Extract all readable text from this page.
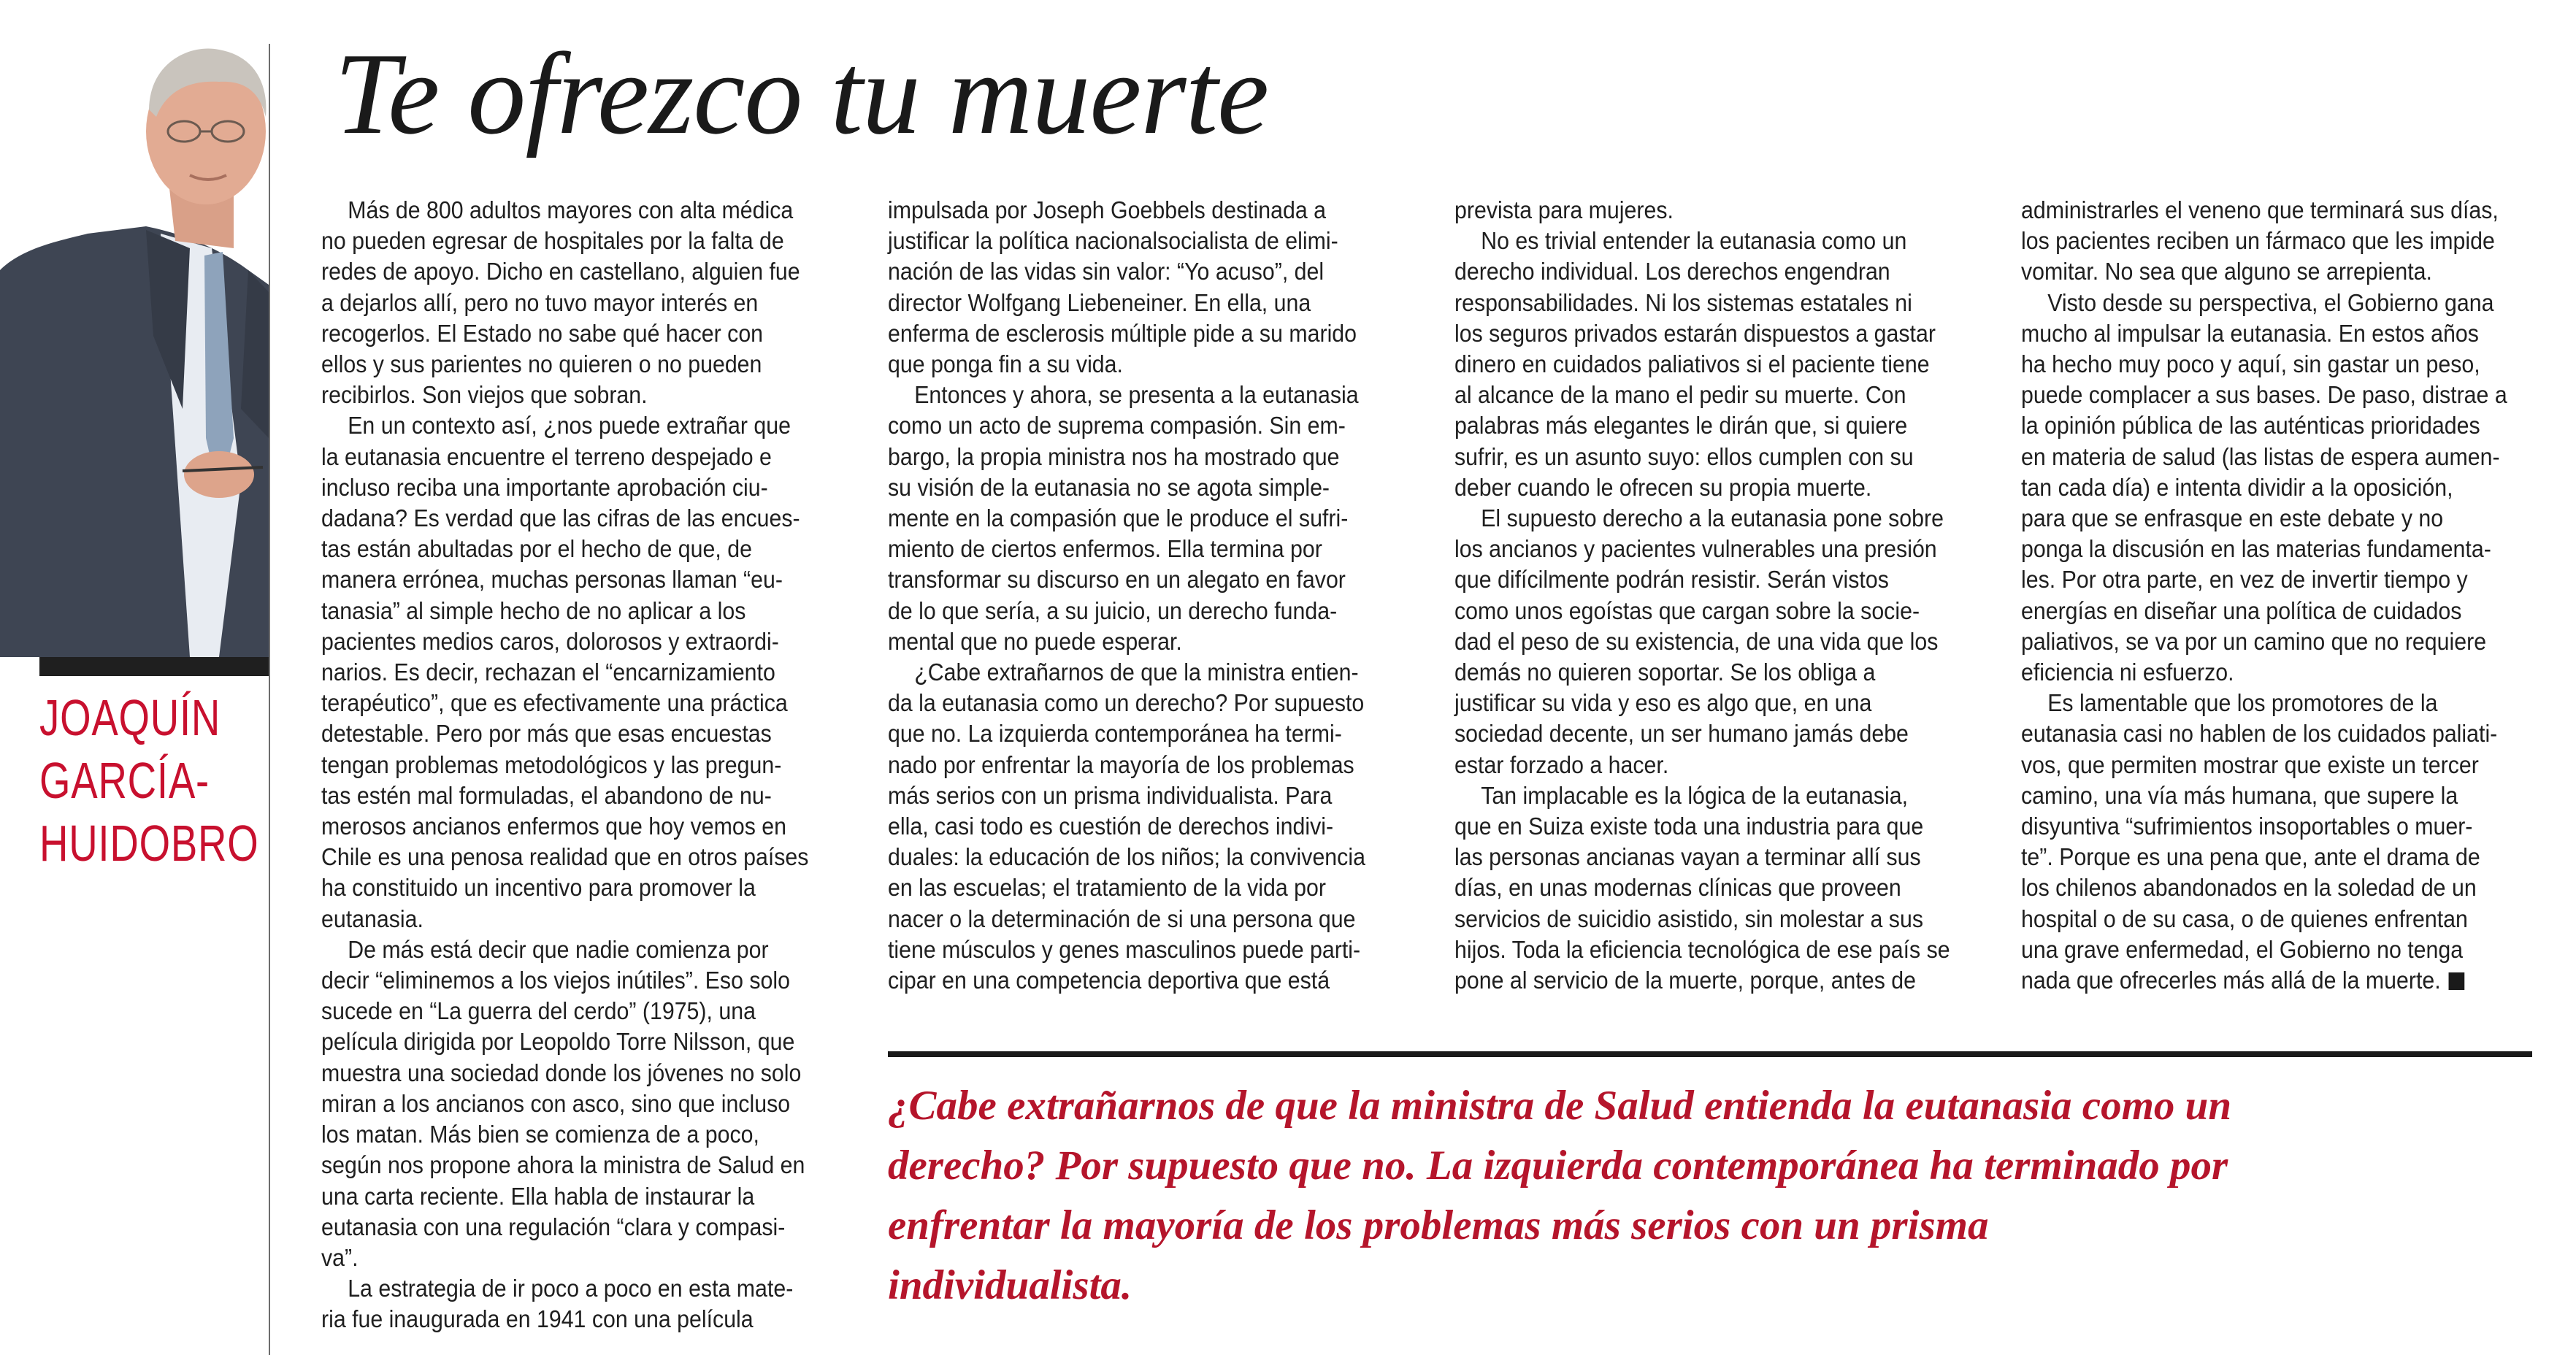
JOAQUÍN
GARCÍA-
HUIDOBRO
Te ofrezco tu muerte
Más de 800 adultos mayores con alta médica
no pueden egresar de hospitales por la falta de
redes de apoyo. Dicho en castellano, alguien fue
a dejarlos allí, pero no tuvo mayor interés en
recogerlos. El Estado no sabe qué hacer con
ellos y sus parientes no quieren o no pueden
recibirlos. Son viejos que sobran.
En un contexto así, ¿nos puede extrañar que
la eutanasia encuentre el terreno despejado e
incluso reciba una importante aprobación ciu-
dadana? Es verdad que las cifras de las encues-
tas están abultadas por el hecho de que, de
manera errónea, muchas personas llaman “eu-
tanasia” al simple hecho de no aplicar a los
pacientes medios caros, dolorosos y extraordi-
narios. Es decir, rechazan el “encarnizamiento
terapéutico”, que es efectivamente una práctica
detestable. Pero por más que esas encuestas
tengan problemas metodológicos y las pregun-
tas estén mal formuladas, el abandono de nu-
merosos ancianos enfermos que hoy vemos en
Chile es una penosa realidad que en otros países
ha constituido un incentivo para promover la
eutanasia.
De más está decir que nadie comienza por
decir “eliminemos a los viejos inútiles”. Eso solo
sucede en “La guerra del cerdo” (1975), una
película dirigida por Leopoldo Torre Nilsson, que
muestra una sociedad donde los jóvenes no solo
miran a los ancianos con asco, sino que incluso
los matan. Más bien se comienza de a poco,
según nos propone ahora la ministra de Salud en
una carta reciente. Ella habla de instaurar la
eutanasia con una regulación “clara y compasi-
va”.
La estrategia de ir poco a poco en esta mate-
ria fue inaugurada en 1941 con una película
impulsada por Joseph Goebbels destinada a
justificar la política nacionalsocialista de elimi-
nación de las vidas sin valor: “Yo acuso”, del
director Wolfgang Liebeneiner. En ella, una
enferma de esclerosis múltiple pide a su marido
que ponga fin a su vida.
Entonces y ahora, se presenta a la eutanasia
como un acto de suprema compasión. Sin em-
bargo, la propia ministra nos ha mostrado que
su visión de la eutanasia no se agota simple-
mente en la compasión que le produce el sufri-
miento de ciertos enfermos. Ella termina por
transformar su discurso en un alegato en favor
de lo que sería, a su juicio, un derecho funda-
mental que no puede esperar.
¿Cabe extrañarnos de que la ministra entien-
da la eutanasia como un derecho? Por supuesto
que no. La izquierda contemporánea ha termi-
nado por enfrentar la mayoría de los problemas
más serios con un prisma individualista. Para
ella, casi todo es cuestión de derechos indivi-
duales: la educación de los niños; la convivencia
en las escuelas; el tratamiento de la vida por
nacer o la determinación de si una persona que
tiene músculos y genes masculinos puede parti-
cipar en una competencia deportiva que está
prevista para mujeres.
No es trivial entender la eutanasia como un
derecho individual. Los derechos engendran
responsabilidades. Ni los sistemas estatales ni
los seguros privados estarán dispuestos a gastar
dinero en cuidados paliativos si el paciente tiene
al alcance de la mano el pedir su muerte. Con
palabras más elegantes le dirán que, si quiere
sufrir, es un asunto suyo: ellos cumplen con su
deber cuando le ofrecen su propia muerte.
El supuesto derecho a la eutanasia pone sobre
los ancianos y pacientes vulnerables una presión
que difícilmente podrán resistir. Serán vistos
como unos egoístas que cargan sobre la socie-
dad el peso de su existencia, de una vida que los
demás no quieren soportar. Se los obliga a
justificar su vida y eso es algo que, en una
sociedad decente, un ser humano jamás debe
estar forzado a hacer.
Tan implacable es la lógica de la eutanasia,
que en Suiza existe toda una industria para que
las personas ancianas vayan a terminar allí sus
días, en unas modernas clínicas que proveen
servicios de suicidio asistido, sin molestar a sus
hijos. Toda la eficiencia tecnológica de ese país se
pone al servicio de la muerte, porque, antes de
administrarles el veneno que terminará sus días,
los pacientes reciben un fármaco que les impide
vomitar. No sea que alguno se arrepienta.
Visto desde su perspectiva, el Gobierno gana
mucho al impulsar la eutanasia. En estos años
ha hecho muy poco y aquí, sin gastar un peso,
puede complacer a sus bases. De paso, distrae a
la opinión pública de las auténticas prioridades
en materia de salud (las listas de espera aumen-
tan cada día) e intenta dividir a la oposición,
para que se enfrasque en este debate y no
ponga la discusión en las materias fundamenta-
les. Por otra parte, en vez de invertir tiempo y
energías en diseñar una política de cuidados
paliativos, se va por un camino que no requiere
eficiencia ni esfuerzo.
Es lamentable que los promotores de la
eutanasia casi no hablen de los cuidados paliati-
vos, que permiten mostrar que existe un tercer
camino, una vía más humana, que supere la
disyuntiva “sufrimientos insoportables o muer-
te”. Porque es una pena que, ante el drama de
los chilenos abandonados en la soledad de un
hospital o de su casa, o de quienes enfrentan
una grave enfermedad, el Gobierno no tenga
nada que ofrecerles más allá de la muerte.
¿Cabe extrañarnos de que la ministra de Salud entienda la eutanasia como un
derecho? Por supuesto que no. La izquierda contemporánea ha terminado por
enfrentar la mayoría de los problemas más serios con un prisma
individualista.
